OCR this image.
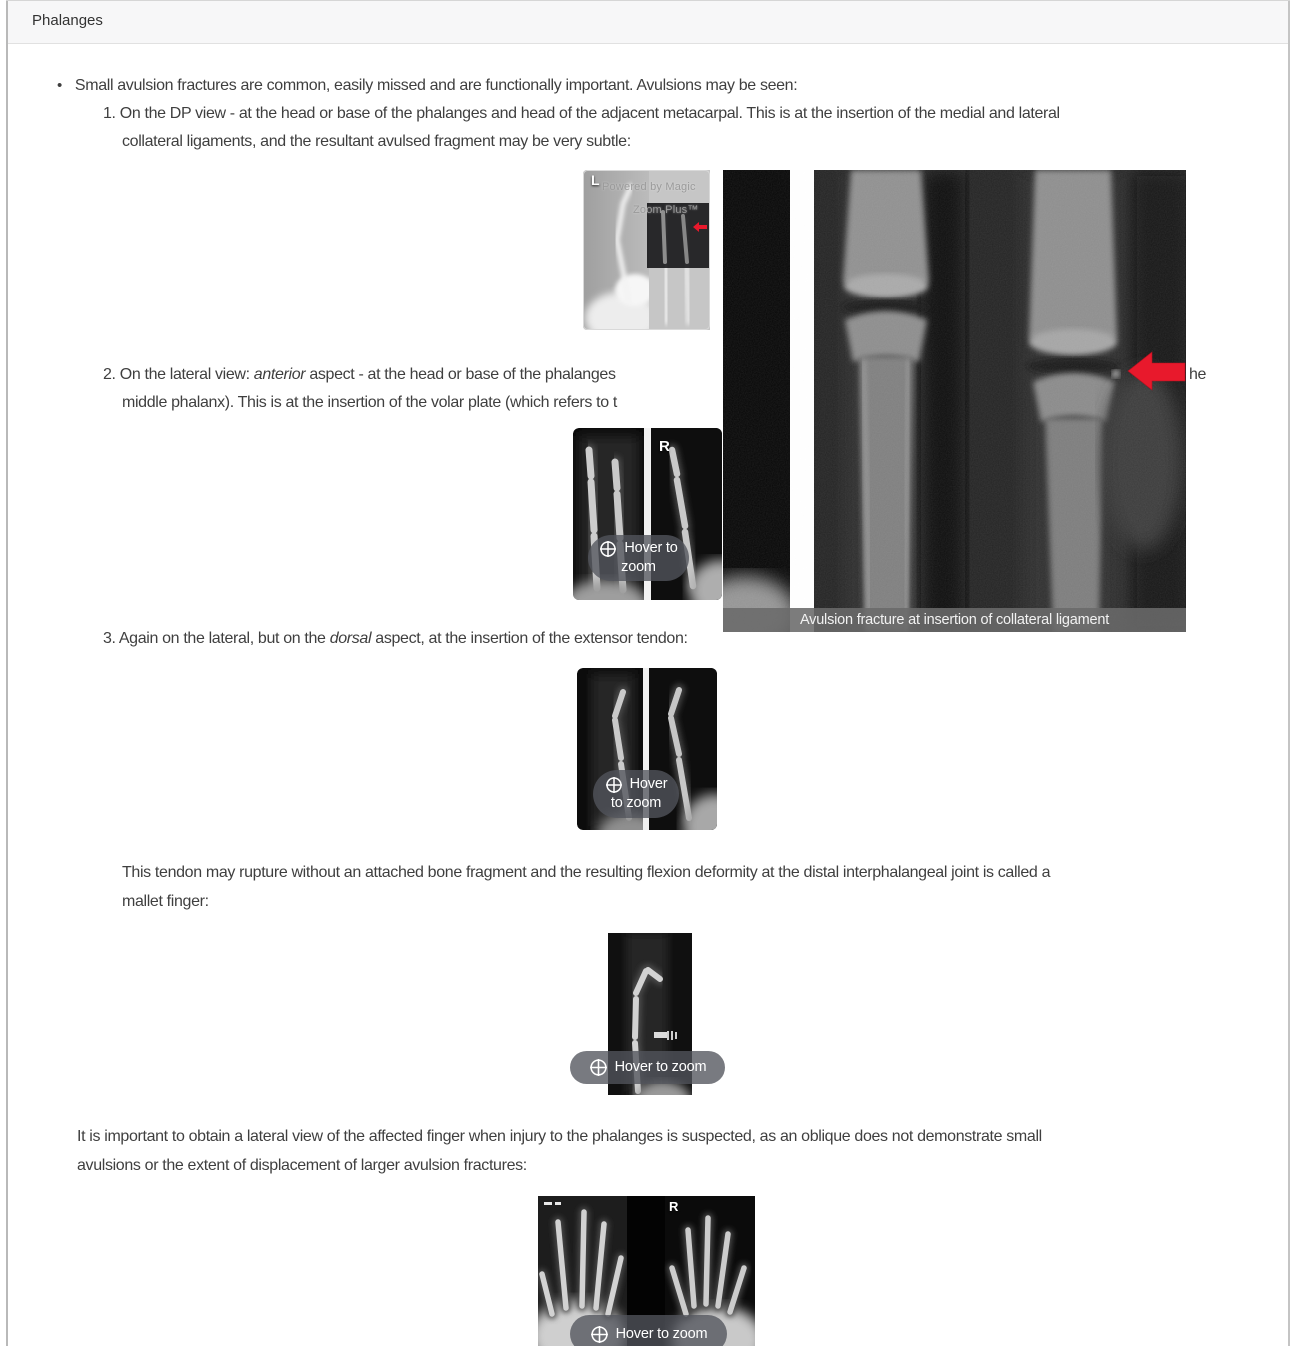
Phalanges
• Small avulsion fractures are common, easily missed and are functionally important. Avulsions may be seen:
1. On the DP view - at the head or base of the phalanges and head of the adjacent metacarpal. This is at the insertion of the medial and lateral
collateral ligaments, and the resultant avulsed fragment may be very subtle:
2. On the lateral view: anterior aspect - at the head or base of the phalanges	he
middle phalanx). This is at the insertion of the volar plate (which refers to t
3. Again on the lateral, but on the dorsal aspect, at the insertion of the extensor tendon:
This tendon may rupture without an attached bone fragment and the resulting flexion deformity at the distal interphalangeal joint is called a
mallet finger:
It is important to obtain a lateral view of the affected finger when injury to the phalanges is suspected, as an oblique does not demonstrate small
avulsions or the extent of displacement of larger avulsion fractures:
L Powered by Magic
Zoom Plus™
Avulsion fracture at insertion of collateral ligament
R
Hover to
zoom
Hover
to zoom
Hover to zoom
R
Hover to zoom
